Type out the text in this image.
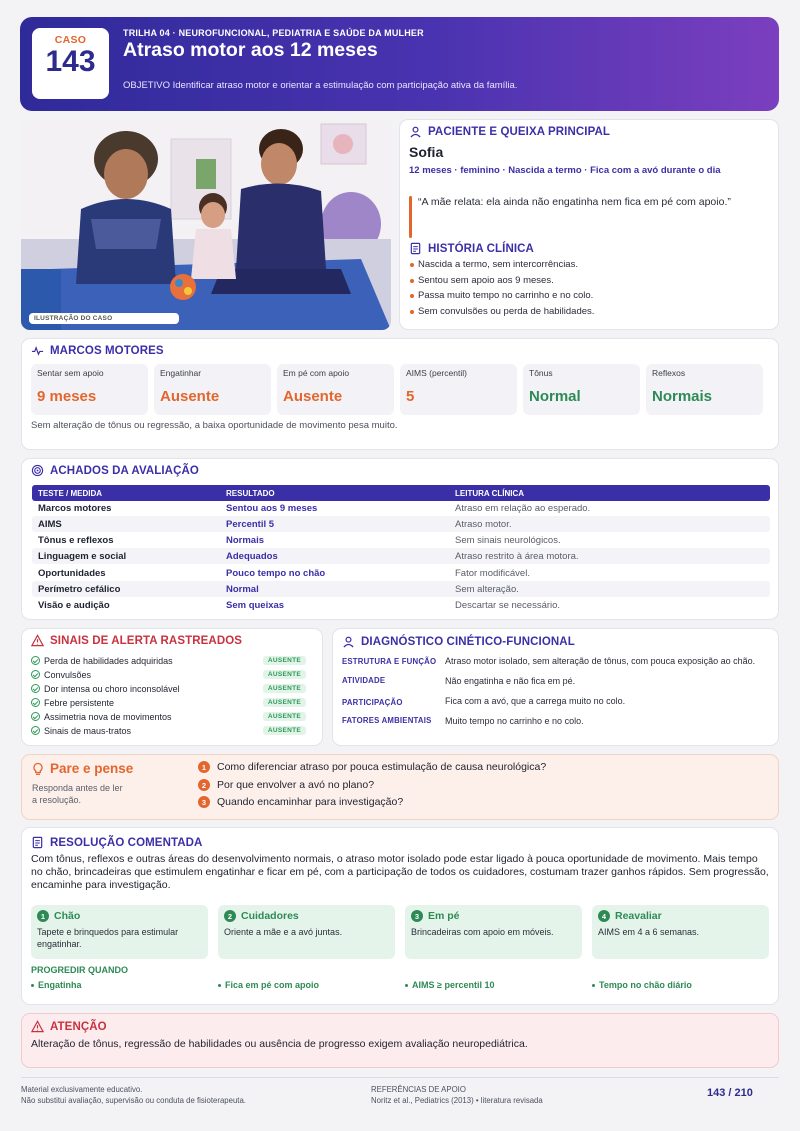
CASO
143
TRILHA 04 · NEUROFUNCIONAL, PEDIATRIA E SAÚDE DA MULHER
Atraso motor aos 12 meses
OBJETIVO Identificar atraso motor e orientar a estimulação com participação ativa da família.
ILUSTRAÇÃO DO CASO
PACIENTE E QUEIXA PRINCIPAL
Sofia
12 meses · feminino · Nascida a termo · Fica com a avó durante o dia
“A mãe relata: ela ainda não engatinha nem fica em pé com apoio.”
HISTÓRIA CLÍNICA
Nascida a termo, sem intercorrências.
Sentou sem apoio aos 9 meses.
Passa muito tempo no carrinho e no colo.
Sem convulsões ou perda de habilidades.
MARCOS MOTORES
Sentar sem apoio
9 meses
Engatinhar
Ausente
Em pé com apoio
Ausente
AIMS (percentil)
5
Tônus
Normal
Reflexos
Normais
Sem alteração de tônus ou regressão, a baixa oportunidade de movimento pesa muito.
ACHADOS DA AVALIAÇÃO
TESTE / MEDIDA	RESULTADO	LEITURA CLÍNICA
Marcos motores	Sentou aos 9 meses	Atraso em relação ao esperado.
AIMS	Percentil 5	Atraso motor.
Tônus e reflexos	Normais	Sem sinais neurológicos.
Linguagem e social	Adequados	Atraso restrito à área motora.
Oportunidades	Pouco tempo no chão	Fator modificável.
Perímetro cefálico	Normal	Sem alteração.
Visão e audição	Sem queixas	Descartar se necessário.
SINAIS DE ALERTA RASTREADOS
Perda de habilidades adquiridas	AUSENTE
Convulsões	AUSENTE
Dor intensa ou choro inconsolável	AUSENTE
Febre persistente	AUSENTE
Assimetria nova de movimentos	AUSENTE
Sinais de maus-tratos	AUSENTE
DIAGNÓSTICO CINÉTICO-FUNCIONAL
ESTRUTURA E FUNÇÃO Atraso motor isolado, sem alteração de tônus, com pouca exposição ao chão.
ATIVIDADE	Não engatinha e não fica em pé.
PARTICIPAÇÃO	Fica com a avó, que a carrega muito no colo.
FATORES AMBIENTAIS	Muito tempo no carrinho e no colo.
Pare e pense
Responda antes de ler
a resolução.
1	Como diferenciar atraso por pouca estimulação de causa neurológica?
2	Por que envolver a avó no plano?
3	Quando encaminhar para investigação?
RESOLUÇÃO COMENTADA
Com tônus, reflexos e outras áreas do desenvolvimento normais, o atraso motor isolado pode estar ligado à pouca oportunidade de movimento. Mais tempo no chão, brincadeiras que estimulem engatinhar e ficar em pé, com a participação de todos os cuidadores, costumam trazer ganhos rápidos. Sem progressão, encaminhe para investigação.
1 Chão
Tapete e brinquedos para estimular engatinhar.
2 Cuidadores
Oriente a mãe e a avó juntas.
3 Em pé
Brincadeiras com apoio em móveis.
4 Reavaliar
AIMS em 4 a 6 semanas.
PROGREDIR QUANDO
Engatinha	Fica em pé com apoio	AIMS ≥ percentil 10	Tempo no chão diário
ATENÇÃO
Alteração de tônus, regressão de habilidades ou ausência de progresso exigem avaliação neuropediátrica.
Material exclusivamente educativo.
Não substitui avaliação, supervisão ou conduta de fisioterapeuta.
REFERÊNCIAS DE APOIO
Noritz et al., Pediatrics (2013) • literatura revisada
143 / 210
